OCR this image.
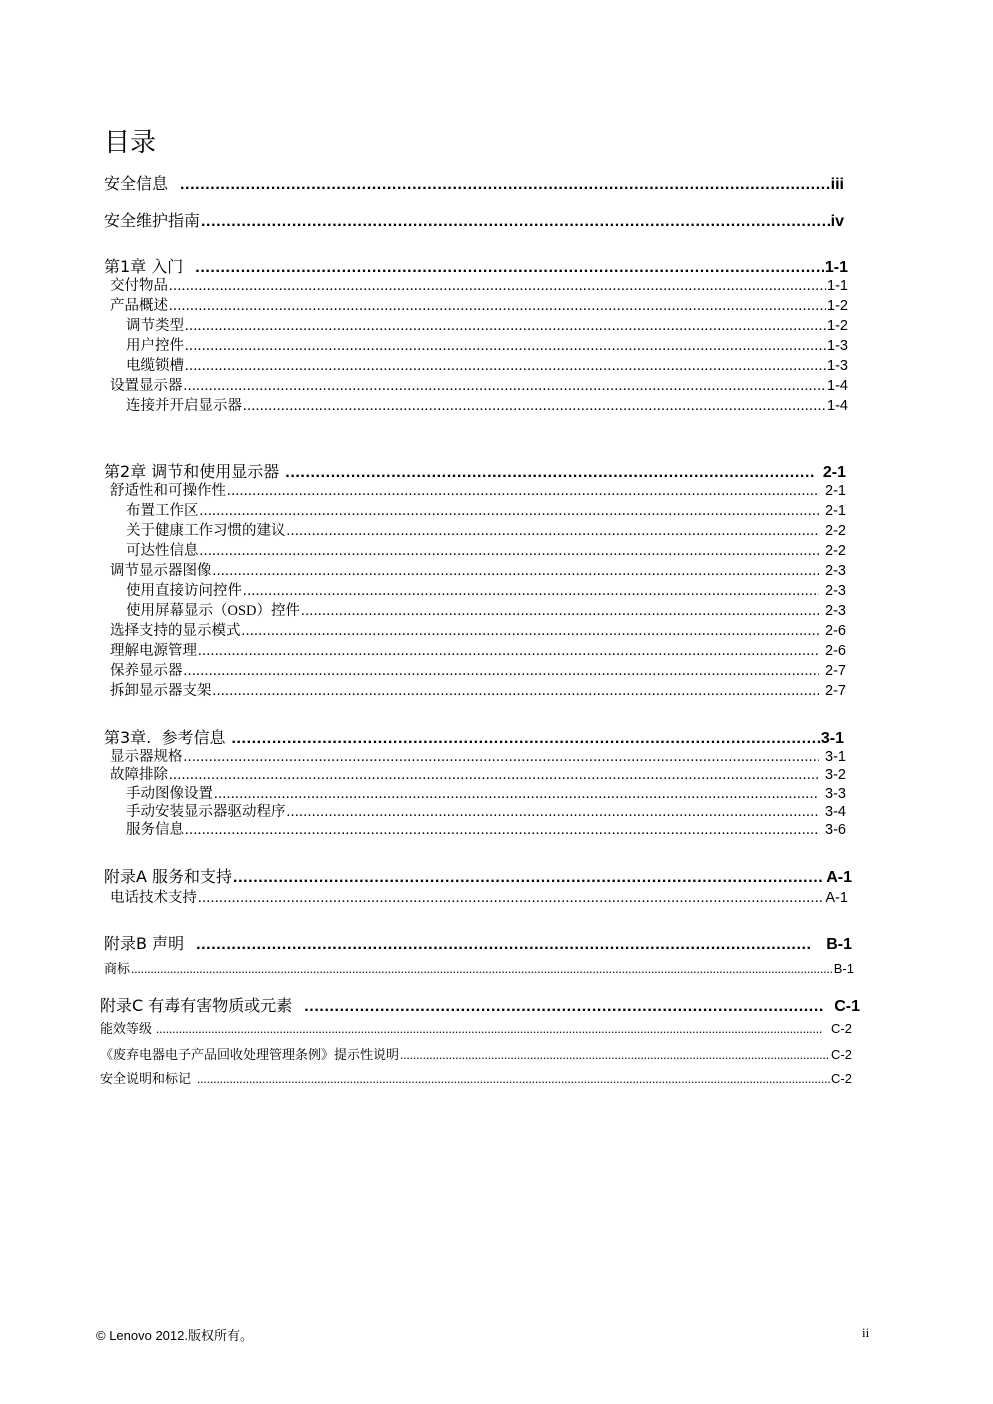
目录
安全信息 .....	iii
安全维护指南 .....	iv
第1章 入门 .....	1-1
交付物品 .....	1-1
产品概述 .....	1-2
调节类型 .....	1-2
用户控件 .....	1-3
电缆锁槽 .....	1-3
设置显示器 .....	1-4
连接并开启显示器 .....	1-4
第2章 调节和使用显示器 .....	2-1
舒适性和可操作性 .....	2-1
布置工作区 .....	2-1
关于健康工作习惯的建议 .....	2-2
可达性信息 .....	2-2
调节显示器图像 .....	2-3
使用直接访问控件 .....	2-3
使用屏幕显示（OSD）控件 .....	2-3
选择支持的显示模式 .....	2-6
理解电源管理 .....	2-6
保养显示器 .....	2-7
拆卸显示器支架 .....	2-7
第3章.  参考信息 .....	3-1
显示器规格 .....	3-1
故障排除 .....	3-2
手动图像设置 .....	3-3
手动安装显示器驱动程序 .....	3-4
服务信息 .....	3-6
附录A 服务和支持 .....	A-1
电话技术支持 .....	A-1
附录B 声明 .....	B-1
商标 .....	B-1
附录C 有毒有害物质或元素 .....	C-1
能效等级 .....	C-2
《废弃电器电子产品回收处理管理条例》提示性说明 .....	C-2
安全说明和标记 .....	C-2
© Lenovo 2012.版权所有。	ii
